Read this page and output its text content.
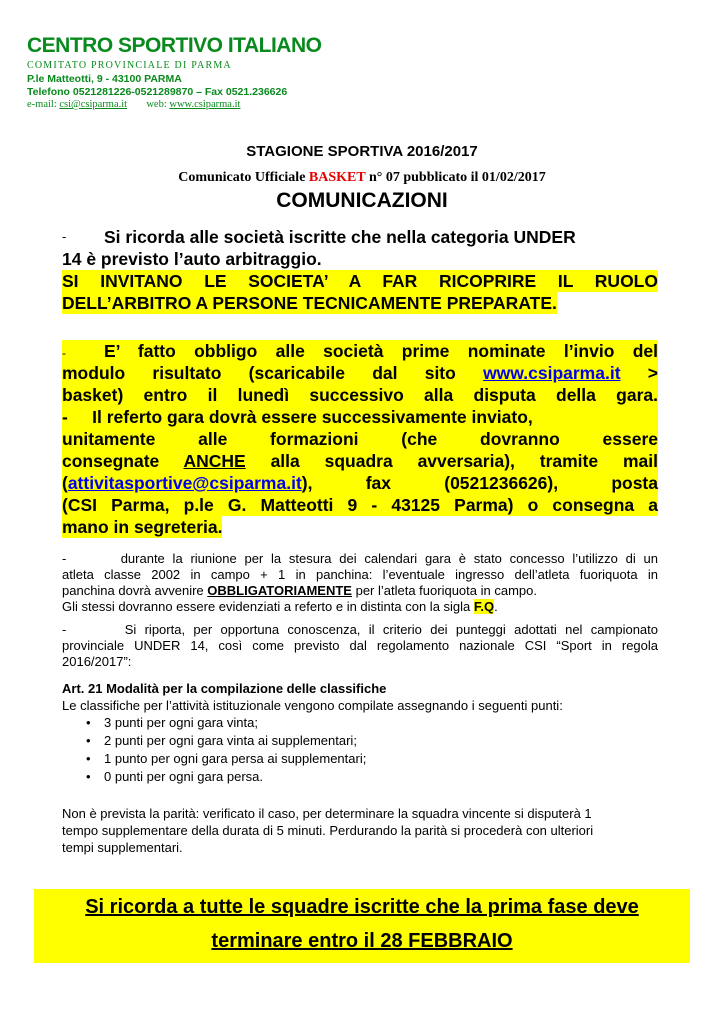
CENTRO SPORTIVO ITALIANO
COMITATO PROVINCIALE DI PARMA
P.le Matteotti, 9 - 43100 PARMA
Telefono 0521281226-0521289870 – Fax 0521.236626
e-mail: csi@csiparma.it web: www.csiparma.it
STAGIONE SPORTIVA 2016/2017
Comunicato Ufficiale BASKET n° 07 pubblicato il 01/02/2017
COMUNICAZIONI
-	Si ricorda alle società iscritte che nella categoria UNDER
14 è previsto l’auto arbitraggio.
SI INVITANO LE SOCIETA’ A FAR RICOPRIRE IL RUOLO
DELL’ARBITRO A PERSONE TECNICAMENTE PREPARATE.
-	E’ fatto obbligo alle società prime nominate l’invio del
modulo risultato (scaricabile dal sito www.csiparma.it >
basket) entro il lunedì successivo alla disputa della gara.
-     Il referto gara dovrà essere successivamente inviato,
unitamente alle formazioni (che dovranno essere
consegnate ANCHE alla squadra avversaria), tramite mail
(attivitasportive@csiparma.it), fax (0521236626), posta
(CSI Parma, p.le G. Matteotti 9 - 43125 Parma) o consegna a
mano in segreteria.
-       durante la riunione per la stesura dei calendari gara è stato concesso l’utilizzo di un
atleta classe 2002 in campo + 1 in panchina: l’eventuale ingresso dell’atleta fuoriquota in
panchina dovrà avvenire OBBLIGATORIAMENTE per l’atleta fuoriquota in campo.
Gli stessi dovranno essere evidenziati a referto e in distinta con la sigla F.Q.
-       Si riporta, per opportuna conoscenza, il criterio dei punteggi adottati nel campionato
provinciale UNDER 14, così come previsto dal regolamento nazionale CSI “Sport in regola
2016/2017”:
Art. 21 Modalità per la compilazione delle classifiche
Le classifiche per l’attività istituzionale vengono compilate assegnando i seguenti punti:
• 3 punti per ogni gara vinta;
• 2 punti per ogni gara vinta ai supplementari;
• 1 punto per ogni gara persa ai supplementari;
• 0 punti per ogni gara persa.
Non è prevista la parità: verificato il caso, per determinare la squadra vincente si disputerà 1
tempo supplementare della durata di 5 minuti. Perdurando la parità si procederà con ulteriori
tempi supplementari.
Si ricorda a tutte le squadre iscritte che la prima fase deve
terminare entro il 28 FEBBRAIO
